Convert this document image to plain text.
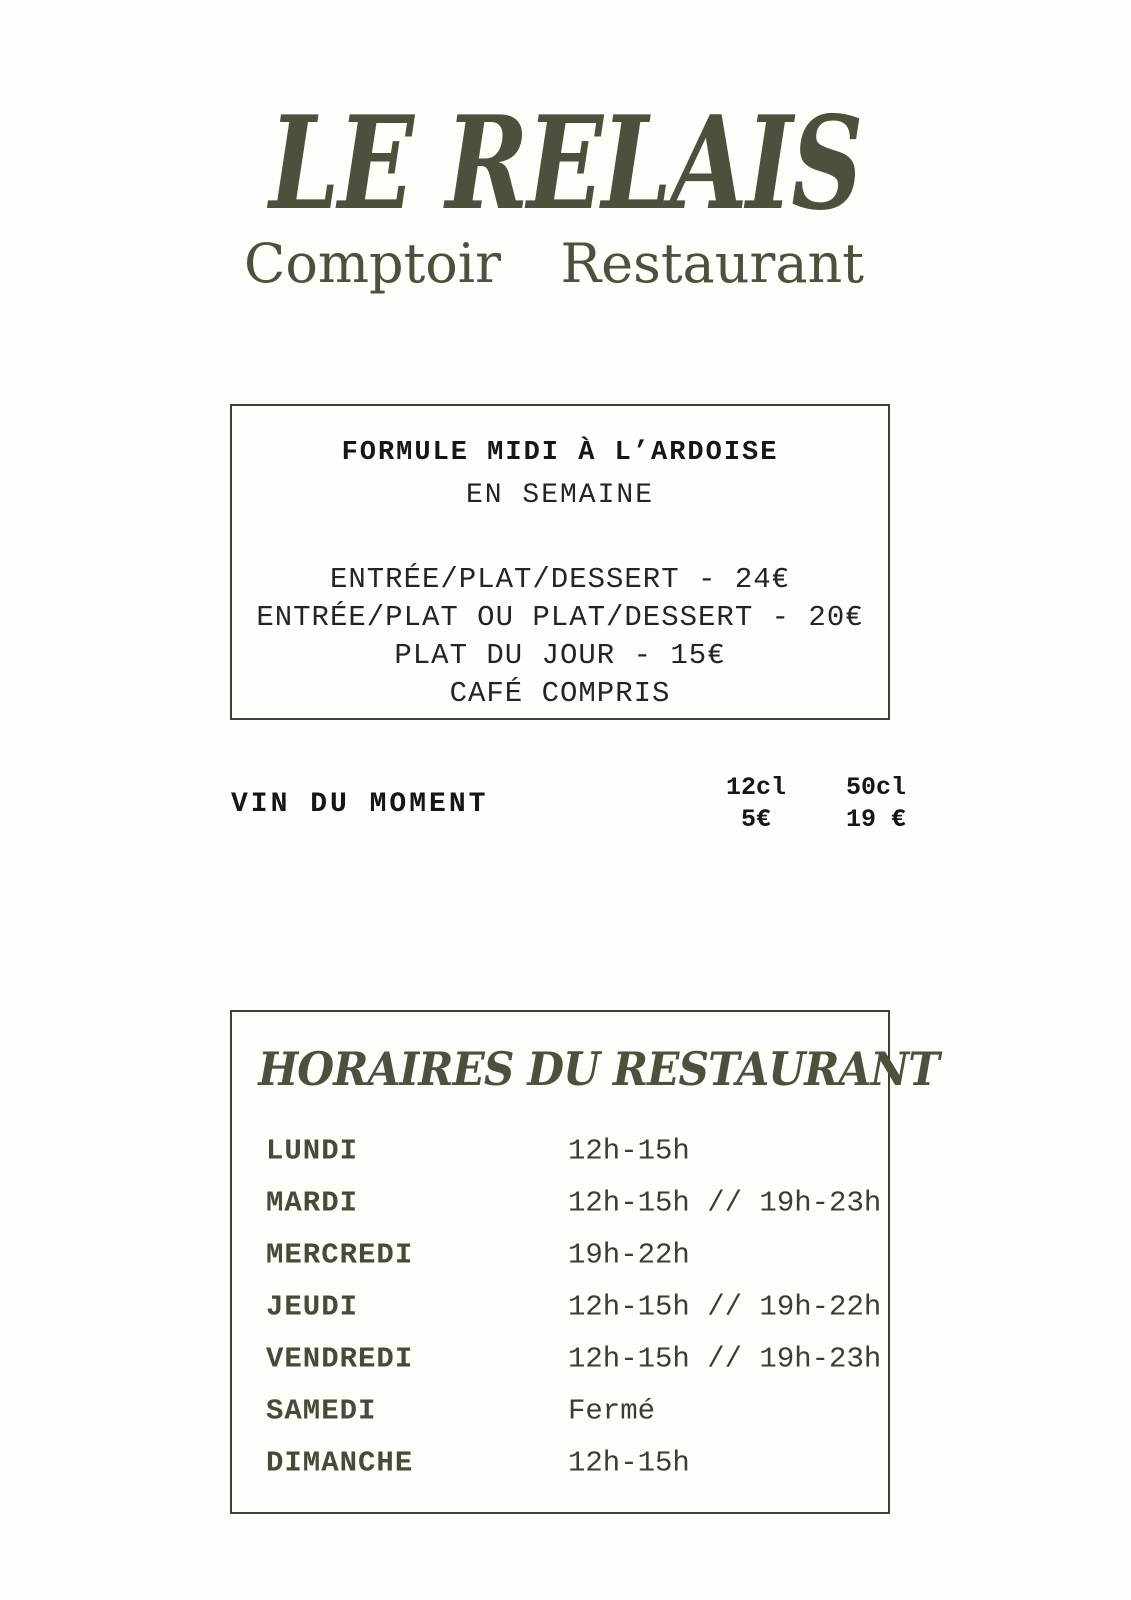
LE RELAIS
Comptoir Restaurant
FORMULE MIDI À L’ARDOISE
EN SEMAINE
ENTRÉE/PLAT/DESSERT - 24€
ENTRÉE/PLAT OU PLAT/DESSERT - 20€
PLAT DU JOUR - 15€
CAFÉ COMPRIS
VIN DU MOMENT
12cl
5€
50cl
19 €
HORAIRES DU RESTAURANT
LUNDI	12h-15h
MARDI	12h-15h // 19h-23h
MERCREDI	19h-22h
JEUDI	12h-15h // 19h-22h
VENDREDI	12h-15h // 19h-23h
SAMEDI	Fermé
DIMANCHE	12h-15h
